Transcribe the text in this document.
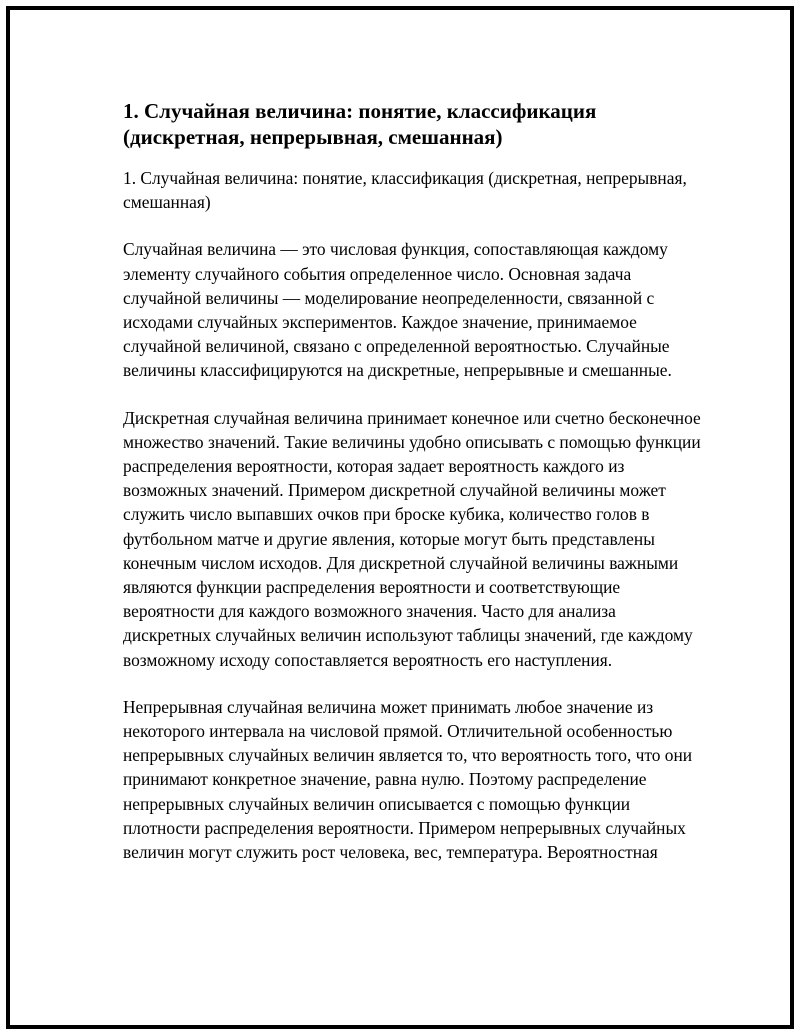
1. Случайная величина: понятие, классификация (дискретная, непрерывная, смешанная)

1. Случайная величина: понятие, классификация (дискретная, непрерывная, смешанная)

Случайная величина — это числовая функция, сопоставляющая каждому элементу случайного события определенное число. Основная задача случайной величины — моделирование неопределенности, связанной с исходами случайных экспериментов. Каждое значение, принимаемое случайной величиной, связано с определенной вероятностью. Случайные величины классифицируются на дискретные, непрерывные и смешанные.

Дискретная случайная величина принимает конечное или счетно бесконечное множество значений. Такие величины удобно описывать с помощью функции распределения вероятности, которая задает вероятность каждого из возможных значений. Примером дискретной случайной величины может служить число выпавших очков при броске кубика, количество голов в футбольном матче и другие явления, которые могут быть представлены конечным числом исходов. Для дискретной случайной величины важными являются функции распределения вероятности и соответствующие вероятности для каждого возможного значения. Часто для анализа дискретных случайных величин используют таблицы значений, где каждому возможному исходу сопоставляется вероятность его наступления.

Непрерывная случайная величина может принимать любое значение из некоторого интервала на числовой прямой. Отличительной особенностью непрерывных случайных величин является то, что вероятность того, что они принимают конкретное значение, равна нулю. Поэтому распределение непрерывных случайных величин описывается с помощью функции плотности распределения вероятности. Примером непрерывных случайных величин могут служить рост человека, вес, температура. Вероятностная
